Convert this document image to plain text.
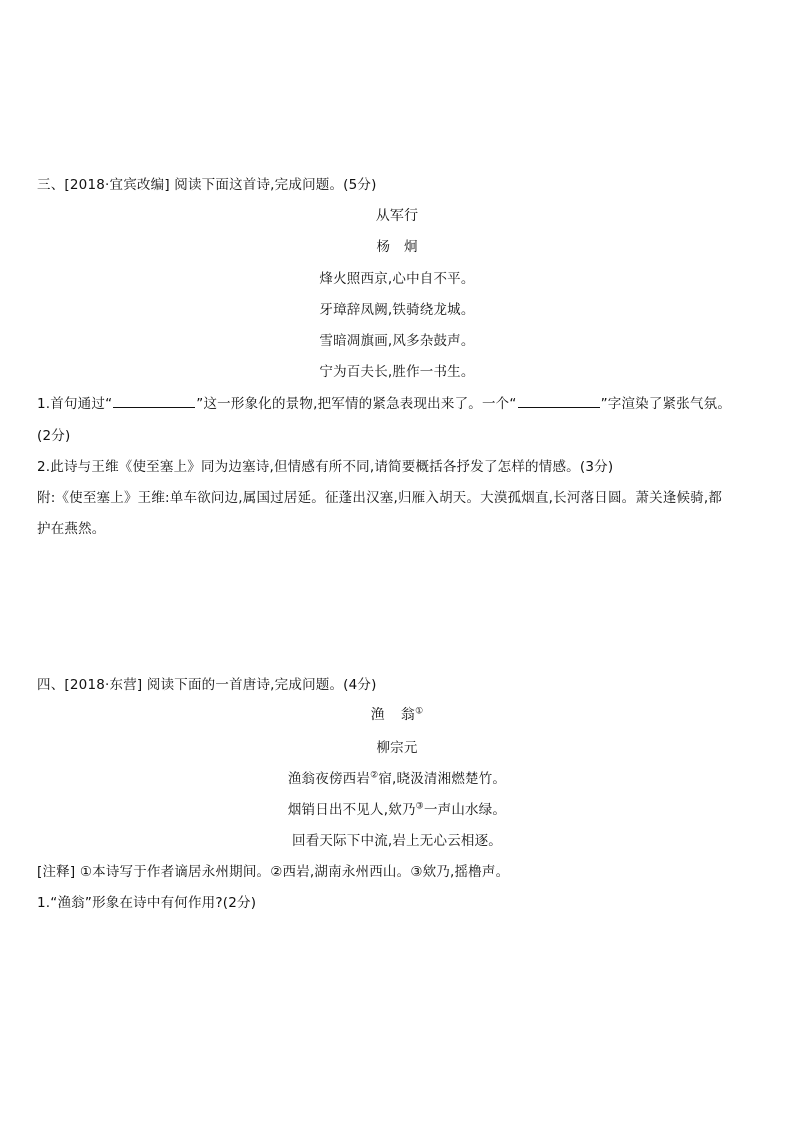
三、[2018·宜宾改编] 阅读下面这首诗,完成问题。(5分)
从军行
杨 炯
烽火照西京,心中自不平。
牙璋辞凤阙,铁骑绕龙城。
雪暗凋旗画,风多杂鼓声。
宁为百夫长,胜作一书生。
1.首句通过“	”这一形象化的景物,把军情的紧急表现出来了。一个“	”字渲染了紧张气氛。
(2分)
2.此诗与王维《使至塞上》同为边塞诗,但情感有所不同,请简要概括各抒发了怎样的情感。(3分)
附:《使至塞上》王维:单车欲问边,属国过居延。征蓬出汉塞,归雁入胡天。大漠孤烟直,长河落日圆。萧关逢候骑,都
护在燕然。
四、[2018·东营] 阅读下面的一首唐诗,完成问题。(4分)
渔 翁①
柳宗元
渔翁夜傍西岩②宿,晓汲清湘燃楚竹。
烟销日出不见人,欸乃③一声山水绿。
回看天际下中流,岩上无心云相逐。
[注释] ①本诗写于作者谪居永州期间。②西岩,湖南永州西山。③欸乃,摇橹声。
1.“渔翁”形象在诗中有何作用?(2分)
